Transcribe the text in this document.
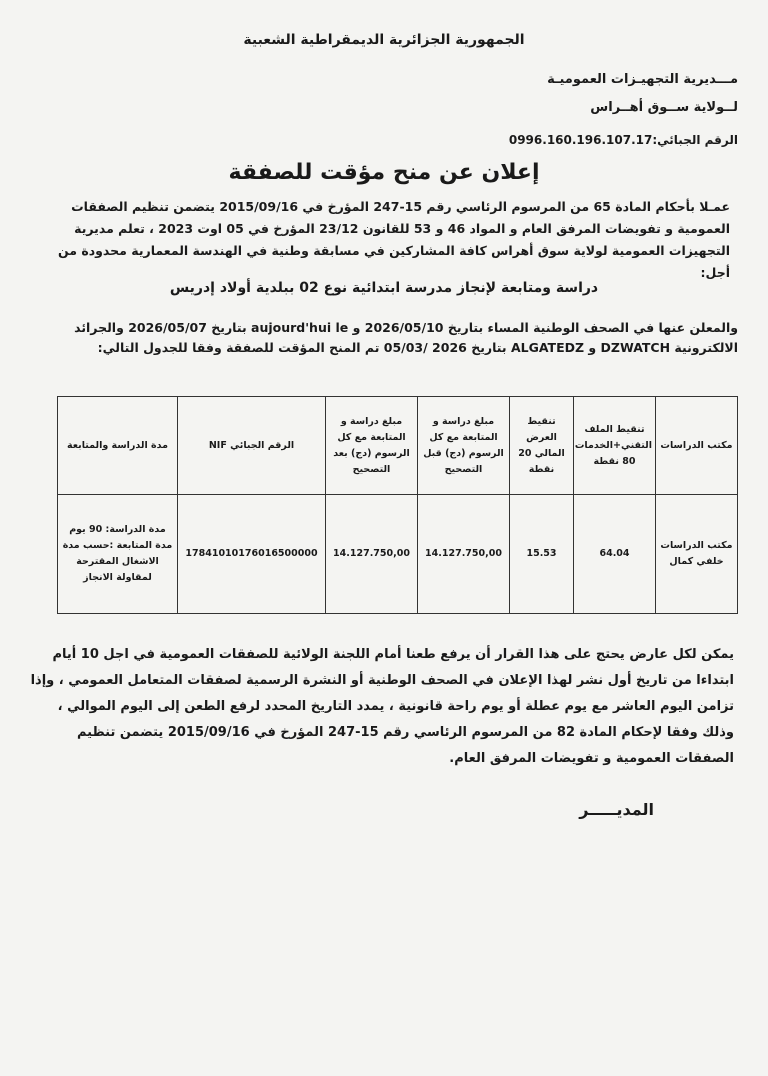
الجمهورية الجزائرية الديمقراطية الشعبية
مـــديرية التجهيـزات العموميـة
لــولاية ســوق أهــراس
الرقم الجبائي:0996.160.196.107.17
إعلان عن منح مؤقت للصفقة
عمـلا بأحكام المادة 65 من المرسوم الرئاسي رقم 15-247 المؤرخ في 2015/09/16 يتضمن تنظيم الصفقات العمومية و تفويضات المرفق العام و المواد 46 و 53 للقانون 23/12 المؤرخ في 05 اوت 2023 ، تعلم مديرية التجهيزات العمومية لولاية سوق أهراس كافة المشاركين في مسابقة وطنية في الهندسة المعمارية محدودة من أجل:
دراسة ومتابعة لإنجاز مدرسة ابتدائية نوع 02 ببلدية أولاد إدريس
والمعلن عنها في الصحف الوطنية المساء بتاريخ 2026/05/10 و aujourd'hui le بتاريخ 2026/05/07 والجرائد الالكترونية DZWATCH و ALGATEDZ بتاريخ 2026 /05/03 تم المنح المؤقت للصفقة وفقا للجدول التالي:
مكتب الدراسات	تنقيط الملف التقني+الخدمات 80 نقطة	تنقيط العرض المالي 20 نقطة	مبلغ دراسة و المتابعة مع كل الرسوم (دج) قبل التصحيح	مبلغ دراسة و المتابعة مع كل الرسوم (دج) بعد التصحيح	الرقم الجبائي NIF	مدة الدراسة والمتابعة
مكتب الدراسات خلفي كمال	64.04	15.53	14.127.750,00	14.127.750,00	17841010176016500000	مدة الدراسة: 90 يوم مدة المتابعة :حسب مدة الاشغال المقترحة لمقاولة الانجاز
يمكن لكل عارض يحتج على هذا القرار أن يرفع طعنا أمام اللجنة الولائية للصفقات العمومية في اجل 10 أيام ابتداءا من تاريخ أول نشر لهذا الإعلان في الصحف الوطنية أو النشرة الرسمية لصفقات المتعامل العمومي ، وإذا تزامن اليوم العاشر مع يوم عطلة أو يوم راحة قانونية ، يمدد التاريخ المحدد لرفع الطعن إلى اليوم الموالي ، وذلك وفقا لإحكام المادة 82 من المرسوم الرئاسي رقم 15-247 المؤرخ في 2015/09/16 يتضمن تنظيم الصفقات العمومية و تفويضات المرفق العام.
المديـــــر
